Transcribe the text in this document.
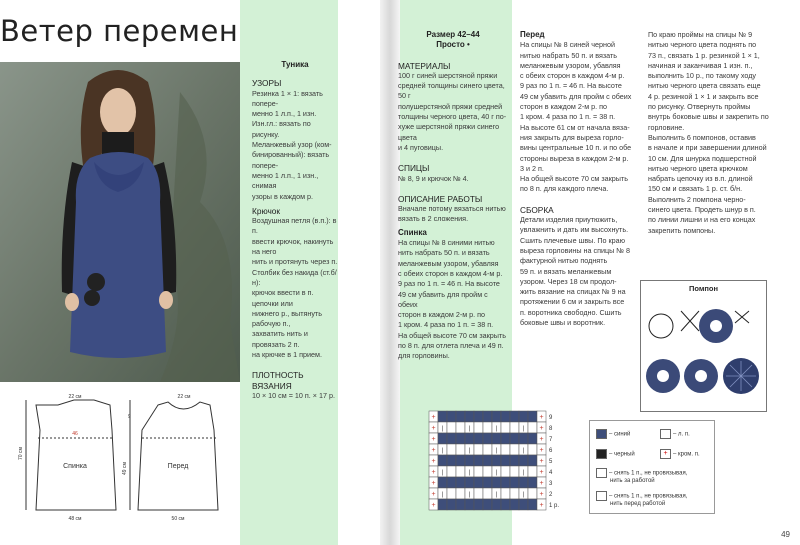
Ветер перемен
Туника
УЗОРЫ

Резинка 1 × 1: вязать попере-

менно 1 л.п., 1 изн.

Изн.гл.: вязать по рисунку.

Меланжевый узор (ком-

бинированный): вязать попере-

менно 1 л.п., 1 изн., снимая

узоры в каждом р.

Крючок

Воздушная петля (в.п.): в п.

ввести крючок, накинуть на него

нить и протянуть через п.

Столбик без накида (ст.б/н):

крючок ввести в п. цепочки или

нижнего р., вытянуть рабочую п.,

захватить нить и провязать 2 п.

на крючке в 1 прием.

ПЛОТНОСТЬ ВЯЗАНИЯ

10 × 10 см = 10 п. × 17 р.

Размер 42–44
Просто •
МАТЕРИАЛЫ

100 г синей шерстяной пряжи

средней толщины синего цвета, 50 г

полушерстяной пряжи средней

толщины черного цвета, 40 г по-

хуже шерстяной пряжи синего цвета

и 4 пуговицы.

СПИЦЫ

№ 8, 9 и крючок № 4.

ОПИСАНИЕ РАБОТЫ

Вначале потому вязаться нитью

вязать в 2 сложения.

Спинка

На спицы № 8 синими нитью

нить набрать 50 п. и вязать

меланжевым узором, убавляя

с обеих сторон в каждом 4-м р.

9 раз по 1 п. = 46 п. На высоте

49 см убавить для пройм с обеих

сторон в каждом 2-м р. по

1 кром. 4 раза по 1 п. = 38 п.

На общей высоте 70 см закрыть

по 8 п. для отлета плеча и 49 п.

для горловины.

Перед

На спицы № 8 синей черной

нитью набрать 50 п. и вязать

меланжевым узором, убавляя

с обеих сторон в каждом 4-м р.

9 раз по 1 п. = 46 п. На высоте

49 см убавить для пройм с обеих

сторон в каждом 2-м р. по

1 кром. 4 раза по 1 п. = 38 п.

На высоте 61 см от начала вяза-

ния закрыть для выреза горло-

вины центральные 10 п. и по обе

стороны выреза в каждом 2-м р.

3 и 2 п.

На общей высоте 70 см закрыть

по 8 п. для каждого плеча.

СБОРКА

Детали изделия приутюжить,

увлажнить и дать им высохнуть.

Сшить плечевые швы. По краю

выреза горловины на спицы № 8

фактурной нитью поднять

59 п. и вязать меланжевым

узором. Через 18 см продол-

жить вязание на спицах № 9 на

протяжении 6 см и закрыть все

п. воротника свободно. Сшить

боковые швы и воротник.

По краю проймы на спицы № 9

нитью черного цвета поднять по

73 п., связать 1 р. резинкой 1 × 1,

начиная и заканчивая 1 изн. п.,

выполнить 10 р., по такому ходу

нитью черного цвета связать еще

4 р. резинкой 1 × 1 и закрыть все

по рисунку. Отвернуть проймы

внутрь боковые швы и закрепить по

горловине.

Выполнить 6 помпонов, оставив

в начале и при завершении длиной

10 см. Для шнурка подшерстной

нитью черного цвета крючком

набрать цепочку из в.п. длиной

150 см и связать 1 р. ст. б/н.

Выполнить 2 помпона черно-

синего цвета. Продеть шнур в п.

по линии лишни и на его концах

закрепить помпоны.

Помпон
22 см
46
48 см
70 см
9
49 см
22 см
50 см
Спинка	Перед
+	+ 9
+ |	|	|	| + 8
+	+ 7
+ |	|	|	| + 6
+	+ 5
+ |	|	|	| + 4
+	+ 3
+ |	|	|	| + 2
+	+ 1 р.
– синий	– л. п.
– черный	+ – кром. п.
– снять 1 п., не провязывая,
нить за работой
– снять 1 п., не провязывая,
нить перед работой
49
